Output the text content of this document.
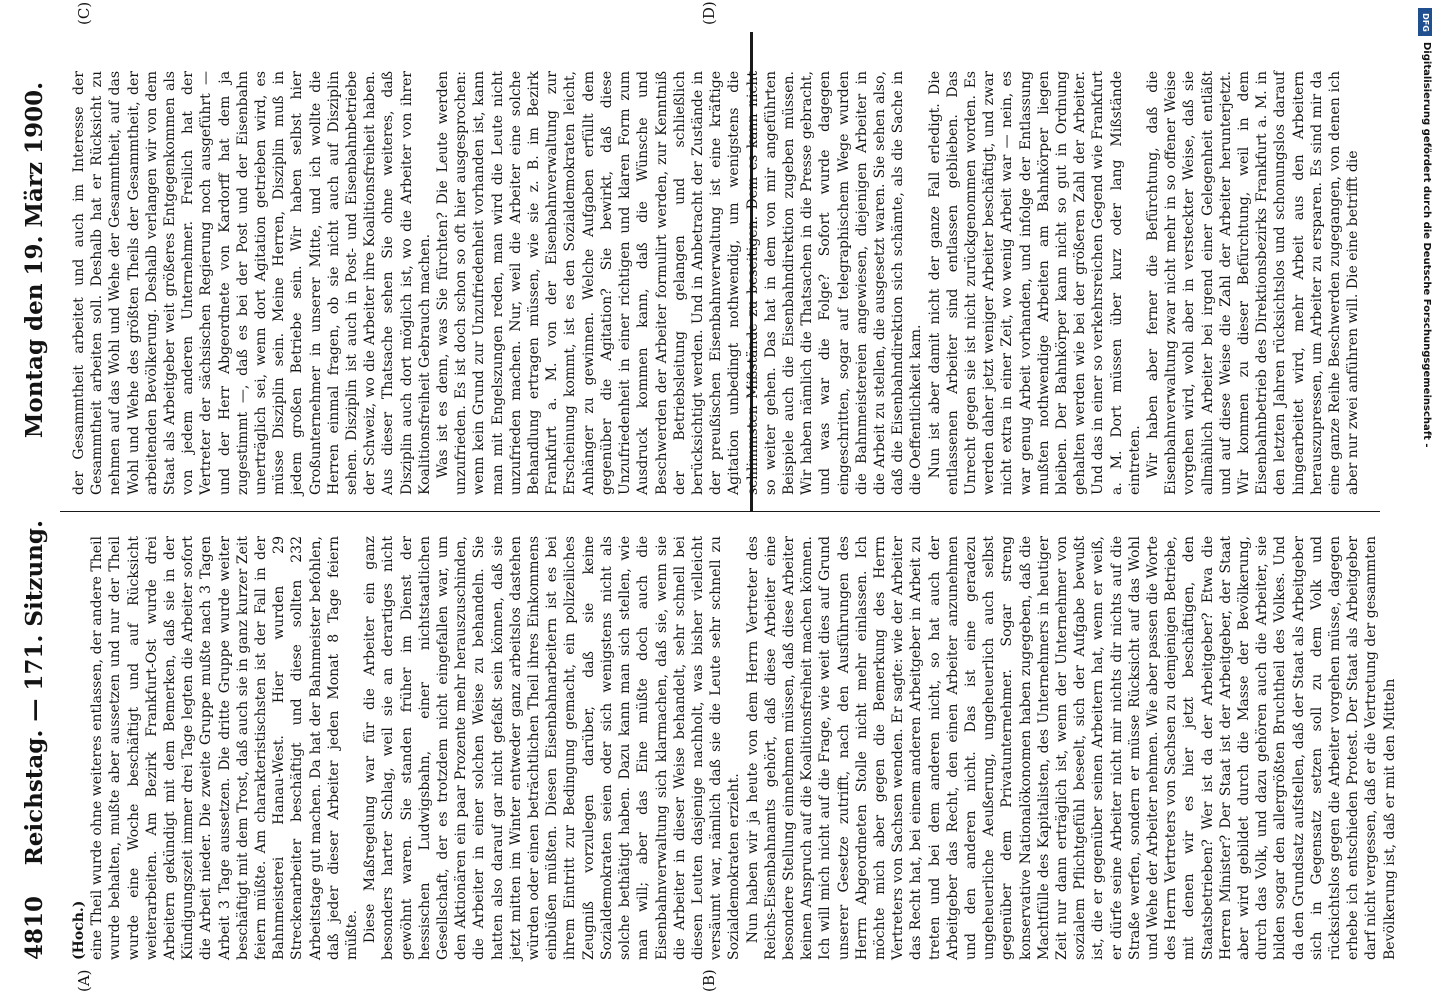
4810
Reichstag. — 171. Sitzung.
Montag den 19. März 1900.
(A)	(B)
(C)	(D)

(Hoch.) eine Theil wurde ohne weiteres entlassen, der andere Theil wurde behalten, mußte aber aussetzen und nur der Theil wurde eine Woche beschäftigt und auf Rücksicht weiterarbeiten. Am Bezirk Frankfurt-Ost wurde drei Arbeitern gekündigt mit dem Bemerken, daß sie in der Kündigungszeit immer drei Tage legten die Arbeiter sofort die Arbeit nieder. Die zweite Gruppe mußte nach 3 Tagen Arbeit 3 Tage aussetzen. Die dritte Gruppe wurde weiter beschäftigt mit dem Trost, daß auch sie in ganz kurzer Zeit feiern müßte. Am charakteristischsten ist der Fall in der Bahnmeisterei Hanau-West. Hier wurden 29 Streckenarbeiter beschäftigt und diese sollten 232 Arbeitstage gut machen. Da hat der Bahnmeister befohlen, daß jeder dieser Arbeiter jeden Monat 8 Tage feiern müßte. Diese Maßregelung war für die Arbeiter ein ganz besonders harter Schlag, weil sie an derartiges nicht gewöhnt waren. Sie standen früher im Dienst der hessischen Ludwigsbahn, einer nichtstaatlichen Gesellschaft, der es trotzdem nicht eingefallen war, um den Aktionären ein paar Prozente mehr herauszuschinden, die Arbeiter in einer solchen Weise zu behandeln. Sie hatten also darauf gar nicht gefaßt sein können, daß sie jetzt mitten im Winter entweder ganz arbeitslos dastehen würden oder einen beträchtlichen Theil ihres Einkommens einbüßen müßten. Diesen Eisenbahnarbeitern ist es bei ihrem Eintritt zur Bedingung gemacht, ein polizeiliches Zeugniß vorzulegen darüber, daß sie keine Sozialdemokraten seien oder sich wenigstens nicht als solche bethätigt haben. Dazu kann man sich stellen, wie man will; aber das Eine müßte doch auch die Eisenbahnverwaltung sich klarmachen, daß sie, wenn sie die Arbeiter in dieser Weise behandelt, sehr schnell bei diesen Leuten dasjenige nachholt, was bisher vielleicht versäumt war, nämlich daß sie die Leute sehr schnell zu Sozialdemokraten erzieht. Nun haben wir ja heute von dem Herrn Vertreter des Reichs-Eisenbahnamts gehört, daß diese Arbeiter eine besondere Stellung einnehmen müssen, daß diese Arbeiter keinen Anspruch auf die Koalitionsfreiheit machen können. Ich will mich nicht auf die Frage, wie weit dies auf Grund unserer Gesetze zutrifft, nach den Ausführungen des Herrn Abgeordneten Stolle nicht mehr einlassen. Ich möchte mich aber gegen die Bemerkung des Herrn Vertreters von Sachsen wenden. Er sagte: wie der Arbeiter das Recht hat, bei einem anderen Arbeitgeber in Arbeit zu treten und bei dem anderen nicht, so hat auch der Arbeitgeber das Recht, den einen Arbeiter anzunehmen und den anderen nicht. Das ist eine geradezu ungeheuerliche Aeußerung, ungeheuerlich auch selbst gegenüber dem Privatunternehmer. Sogar streng konservative Nationalökonomen haben zugegeben, daß die Machtfülle des Kapitalisten, des Unternehmers in heutiger Zeit nur dann erträglich ist, wenn der Unternehmer von sozialem Pflichtgefühl beseelt, sich der Aufgabe bewußt ist, die er gegenüber seinen Arbeitern hat, wenn er weiß, er dürfe seine Arbeiter nicht mir nichts dir nichts auf die Straße werfen, sondern er müsse Rücksicht auf das Wohl und Wehe der Arbeiter nehmen. Wie aber passen die Worte des Herrn Vertreters von Sachsen zu demjenigen Betriebe, mit denen wir es hier jetzt beschäftigen, den Staatsbetrieben? Wer ist da der Arbeitgeber? Etwa die Herren Minister? Der Staat ist der Arbeitgeber, der Staat aber wird gebildet durch die Masse der Bevölkerung, durch das Volk, und dazu gehören auch die Arbeiter, sie bilden sogar den allergrößten Bruchtheil des Volkes. Und da den Grundsatz aufstellen, daß der Staat als Arbeitgeber sich in Gegensatz setzen soll zu dem Volk und rücksichtslos gegen die Arbeiter vorgehen müsse, dagegen erhebe ich entschieden Protest. Der Staat als Arbeitgeber darf nicht vergessen, daß er die Vertretung der gesammten Bevölkerung ist, daß er mit den Mitteln

der Gesammtheit arbeitet und auch im Interesse der Gesammtheit arbeiten soll. Deshalb hat er Rücksicht zu nehmen auf das Wohl und Wehe der Gesammtheit, auf das Wohl und Wehe des größten Theils der Gesammtheit, der arbeitenden Bevölkerung. Deshalb verlangen wir von dem Staat als Arbeitgeber weit größeres Entgegenkommen als von jedem anderen Unternehmer. Freilich hat der Vertreter der sächsischen Regierung noch ausgeführt — und der Herr Abgeordnete von Kardorff hat dem ja zugestimmt —, daß es bei der Post und der Eisenbahn unerträglich sei, wenn dort Agitation getrieben wird, es müsse Disziplin sein. Meine Herren, Disziplin muß in jedem großen Betriebe sein. Wir haben selbst hier Großunternehmer in unserer Mitte, und ich wollte die Herren einmal fragen, ob sie nicht auch auf Disziplin sehen. Disziplin ist auch in Post- und Eisenbahnbetriebe der Schweiz, wo die Arbeiter ihre Koalitionsfreiheit haben. Aus dieser Thatsache sehen Sie ohne weiteres, daß Disziplin auch dort möglich ist, wo die Arbeiter von ihrer Koalitionsfreiheit Gebrauch machen. Was ist es denn, was Sie fürchten? Die Leute werden unzufrieden. Es ist doch schon so oft hier ausgesprochen: wenn kein Grund zur Unzufriedenheit vorhanden ist, kann man mit Engelszungen reden, man wird die Leute nicht unzufrieden machen. Nur, weil die Arbeiter eine solche Behandlung ertragen müssen, wie sie z. B. im Bezirk Frankfurt a. M. von der Eisenbahnverwaltung zur Erscheinung kommt, ist es den Sozialdemokraten leicht, Anhänger zu gewinnen. Welche Aufgaben erfüllt dem gegenüber die Agitation? Sie bewirkt, daß diese Unzufriedenheit in einer richtigen und klaren Form zum Ausdruck kommen kann, daß die Wünsche und Beschwerden der Arbeiter formulirt werden, zur Kenntniß der Betriebsleitung gelangen und schließlich berücksichtigt werden. Und in Anbetracht der Zustände in der preußischen Eisenbahnverwaltung ist eine kräftige Agitation unbedingt nothwendig, um wenigstens die schlimmsten Mißstände zu beseitigen. Dem es kann nicht so weiter gehen. Das hat in dem von mir angeführten Beispiele auch die Eisenbahndirektion zugeben müssen. Wir haben nämlich die Thatsachen in die Presse gebracht, und was war die Folge? Sofort wurde dagegen eingeschritten, sogar auf telegraphischem Wege wurden die Bahnmeistereien angewiesen, diejenigen Arbeiter in die Arbeit zu stellen, die ausgesetzt waren. Sie sehen also, daß die Eisenbahndirektion sich schämte, als die Sache in die Oeffentlichkeit kam. Nun ist aber damit nicht der ganze Fall erledigt. Die entlassenen Arbeiter sind entlassen geblieben. Das Unrecht gegen sie ist nicht zurückgenommen worden. Es werden daher jetzt weniger Arbeiter beschäftigt, und zwar nicht extra in einer Zeit, wo wenig Arbeit war — nein, es war genug Arbeit vorhanden, und infolge der Entlassung mußten nothwendige Arbeiten am Bahnkörper liegen bleiben. Der Bahnkörper kann nicht so gut in Ordnung gehalten werden wie bei der größeren Zahl der Arbeiter. Und das in einer so verkehrsreichen Gegend wie Frankfurt a. M. Dort müssen über kurz oder lang Mißstände eintreten. Wir haben aber ferner die Befürchtung, daß die Eisenbahnverwaltung zwar nicht mehr in so offener Weise vorgehen wird, wohl aber in versteckter Weise, daß sie allmählich Arbeiter bei irgend einer Gelegenheit entläßt und auf diese Weise die Zahl der Arbeiter herunterjetzt. Wir kommen zu dieser Befürchtung, weil in dem Eisenbahnbetrieb des Direktionsbezirks Frankfurt a. M. in den letzten Jahren rücksichtslos und schonungslos darauf hingearbeitet wird, mehr Arbeit aus den Arbeitern herauszupressen, um Arbeiter zu ersparen. Es sind mir da eine ganze Reihe Beschwerden zugegangen, von denen ich aber nur zwei anführen will. Die eine betrifft die

DFG
Digitalisierung gefördert durch die Deutsche Forschungsgemeinschaft -
